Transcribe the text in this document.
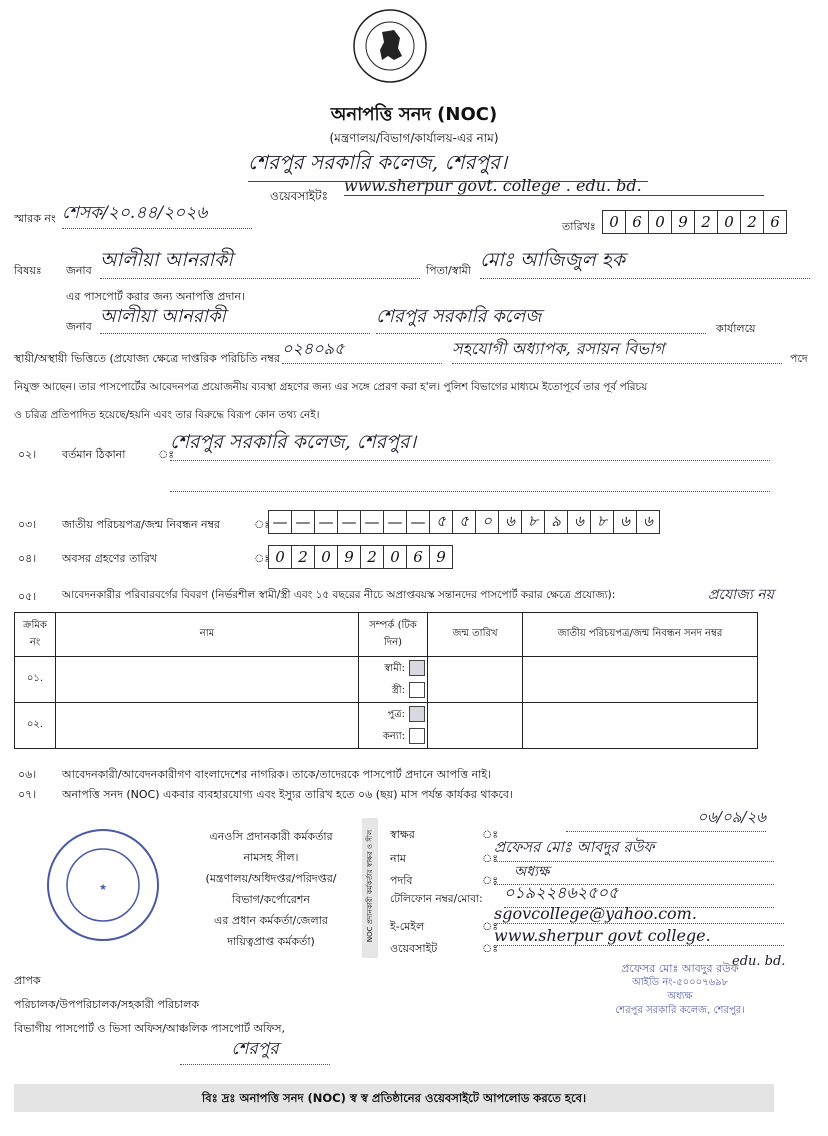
অনাপত্তি সনদ (NOC)
(মন্ত্রণালয়/বিভাগ/কার্যালয়-এর নাম)
শেরপুর সরকারি কলেজ, শেরপুর।
ওয়েবসাইটঃ
www.sherpur govt. college . edu. bd.
স্মারক নং শেসক/২০.৪৪/২০২৬
তারিখঃ 0 6 0 9 2 0 2 6
বিষয়ঃ জনাব আলীয়া আনরাকী	পিতা/স্বামী মোঃ আজিজুল হক
এর পাসপোর্ট করার জন্য অনাপত্তি প্রদান।
জনাব আলীয়া আনরাকী	শেরপুর সরকারি কলেজ
কার্যালয়ে
স্থায়ী/অস্থায়ী ভিত্তিতে (প্রযোজ্য ক্ষেত্রে দাপ্তরিক পরিচিতি নম্বর
০২৪০৯৫	সহযোগী অধ্যাপক, রসায়ন বিভাগ
পদে
নিযুক্ত আছেন। তার পাসপোর্টের আবেদনপত্র প্রয়োজনীয় ব্যবস্থা গ্রহণের জন্য এর সঙ্গে প্রেরণ করা হ'ল। পুলিশ বিভাগের মাধ্যমে ইতোপূর্বে তার পূর্ব পরিচয়
ও চরিত্র প্রতিপাদিত হয়েছে/হয়নি এবং তার বিরুদ্ধে বিরূপ কোন তথ্য নেই।
০২। বর্তমান ঠিকানা	ঃ
শেরপুর সরকারি কলেজ, শেরপুর।
০৩। জাতীয় পরিচয়পত্র/জন্ম নিবন্ধন নম্বর	ঃ — — — — — — — ৫ ৫ ০ ৬ ৮ ৯ ৬ ৮ ৬ ৬
০৪। অবসর গ্রহণের তারিখ	ঃ 0 2 0 9 2 0 6 9
০৫। আবেদনকারীর পরিবারবর্গের বিবরণ (নির্ভরশীল স্বামী/স্ত্রী এবং ১৫ বছরের নীচে অপ্রাপ্তবয়স্ক সন্তানদের পাসপোর্ট করার ক্ষেত্রে প্রযোজ্য):	প্রযোজ্য নয়
ক্রমিক নং	নাম	সম্পর্ক (টিক দিন)	জন্ম তারিখ	জাতীয় পরিচয়পত্র/জন্ম নিবন্ধন সনদ নম্বর
০১.		স্বামী:
স্ত্রী:		

০২.		পুত্র:
কন্যা:		

০৬। আবেদনকারী/আবেদনকারীগণ বাংলাদেশের নাগরিক। তাকে/তাদেরকে পাসপোর্ট প্রদানে আপত্তি নাই।
০৭। অনাপত্তি সনদ (NOC) একবার ব্যবহারযোগ্য এবং ইস্যুর তারিখ হতে ০৬ (ছয়) মাস পর্যন্ত কার্যকর থাকবে।
★
এনওসি প্রদানকারী কর্মকর্তার
নামসহ সীল।
(মন্ত্রণালয়/অধিদপ্তর/পরিদপ্তর/
বিভাগ/কর্পোরেশন
এর প্রধান কর্মকর্তা/জেলার
দায়িত্বপ্রাপ্ত কর্মকর্তা)	NOC প্রদানকারী কর্মকর্তার স্বাক্ষর ও সীল স্বাক্ষর	ঃ
০৬/০৯/২৬
নাম	ঃ
প্রফেসর মোঃ আবদুর রউফ
পদবি	ঃ
অধ্যক্ষ
টেলিফোন নম্বর/মোবা: ০১৯২২৪৬২৫০৫
ই-মেইল	ঃ
sgovcollege@yahoo.com.
ওয়েবসাইট	ঃ
www.sherpur govt college.
edu. bd.
প্রফেসর মোঃ আবদুর রউফ
আইডি নং-৫০০০৭৬৯৮
অধ্যক্ষ
শেরপুর সরকারি কলেজ, শেরপুর।
প্রাপক
পরিচালক/উপপরিচালক/সহকারী পরিচালক
বিভাগীয় পাসপোর্ট ও ভিসা অফিস/আঞ্চলিক পাসপোর্ট অফিস,
শেরপুর
বিঃ দ্রঃ অনাপত্তি সনদ (NOC) স্ব স্ব প্রতিষ্ঠানের ওয়েবসাইটে আপলোড করতে হবে।
